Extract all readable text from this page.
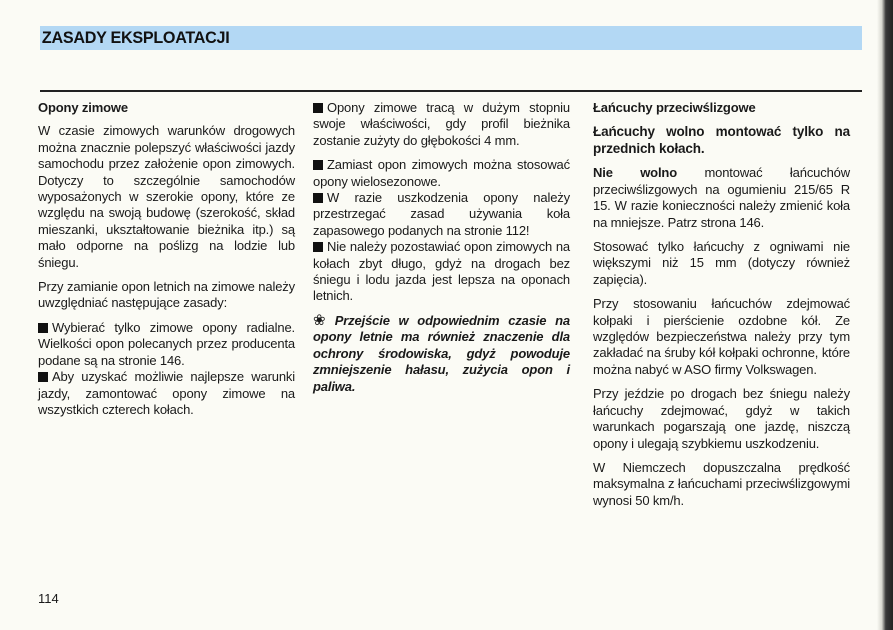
ZASADY EKSPLOATACJI
Opony zimowe

W czasie zimowych warunków drogowych można znacznie polepszyć właściwości jazdy samochodu przez założenie opon zimowych. Dotyczy to szczególnie samochodów wyposażonych w szerokie opony, które ze względu na swoją budowę (szerokość, skład mieszanki, ukształtowanie bieżnika itp.) są mało odporne na poślizg na lodzie lub śniegu.

Przy zamianie opon letnich na zimowe należy uwzględniać następujące zasady:

Wybierać tylko zimowe opony radialne. Wielkości opon polecanych przez producenta podane są na stronie 146.

Aby uzyskać możliwie najlepsze warunki jazdy, zamontować opony zimowe na wszystkich czterech kołach.

Opony zimowe tracą w dużym stopniu swoje właściwości, gdy profil bieżnika zostanie zużyty do głębokości 4 mm.

Zamiast opon zimowych można stosować opony wielosezonowe.

W razie uszkodzenia opony należy przestrzegać zasad używania koła zapasowego podanych na stronie 112!

Nie należy pozostawiać opon zimowych na kołach zbyt długo, gdyż na drogach bez śniegu i lodu jazda jest lepsza na oponach letnich.

❀ Przejście w odpowiednim czasie na opony letnie ma również znaczenie dla ochrony środowiska, gdyż powoduje zmniejszenie hałasu, zużycia opon i paliwa.

Łańcuchy przeciwślizgowe
Łańcuchy wolno montować tylko na przednich kołach.

Nie wolno montować łańcuchów przeciwślizgowych na ogumieniu 215/65 R 15. W razie konieczności należy zmienić koła na mniejsze. Patrz strona 146.

Stosować tylko łańcuchy z ogniwami nie większymi niż 15 mm (dotyczy również zapięcia).

Przy stosowaniu łańcuchów zdejmować kołpaki i pierścienie ozdobne kół. Ze względów bezpieczeństwa należy przy tym zakładać na śruby kół kołpaki ochronne, które można nabyć w ASO firmy Volkswagen.

Przy jeździe po drogach bez śniegu należy łańcuchy zdejmować, gdyż w takich warunkach pogarszają one jazdę, niszczą opony i ulegają szybkiemu uszkodzeniu.

W Niemczech dopuszczalna prędkość maksymalna z łańcuchami przeciwślizgowymi wynosi 50 km/h.

114
